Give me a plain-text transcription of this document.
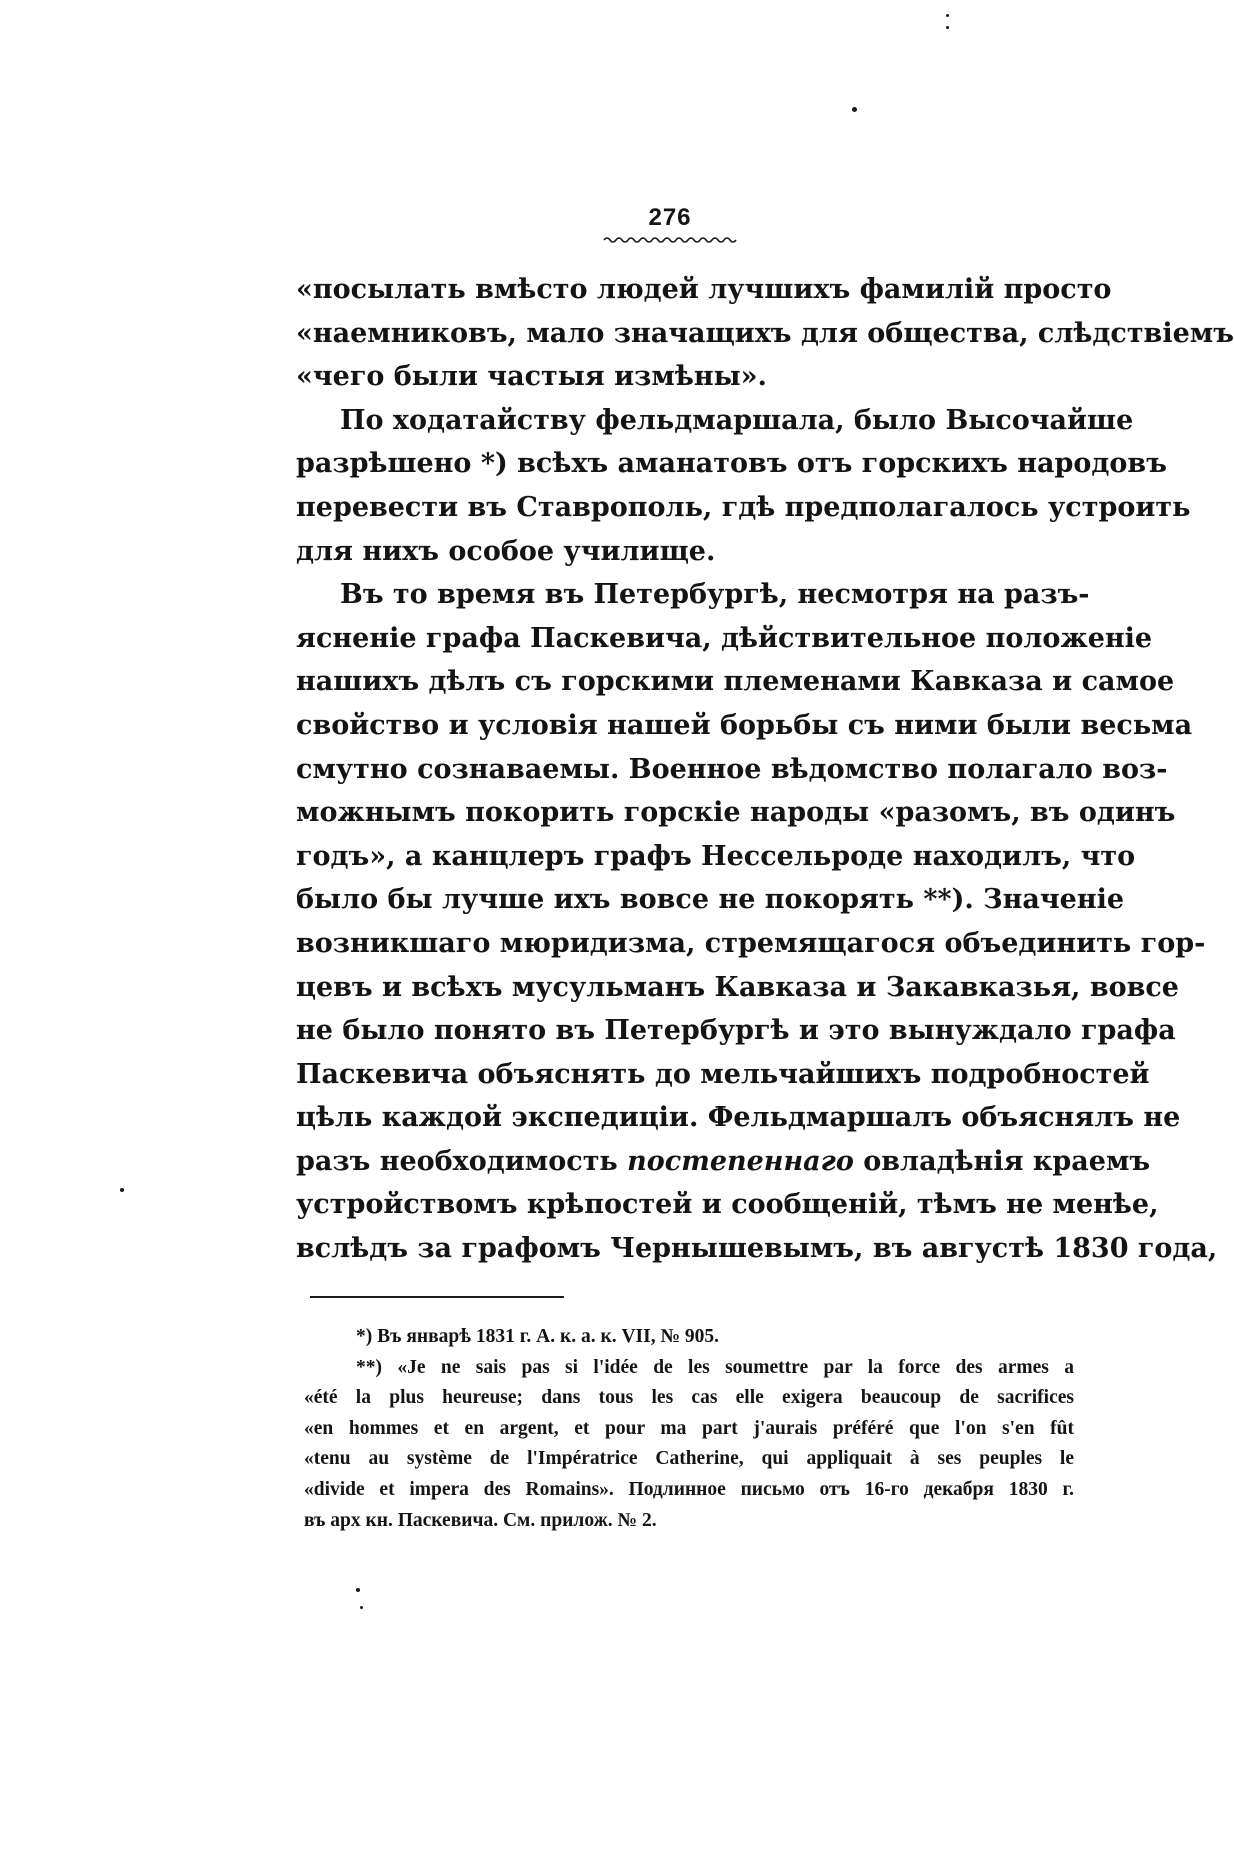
276
«посылать вмѣсто людей лучшихъ фамилій просто
«наемниковъ, мало значащихъ для общества, слѣдствіемъ
«чего были частыя измѣны».
По ходатайству фельдмаршала, было Высочайше
разрѣшено *) всѣхъ аманатовъ отъ горскихъ народовъ
перевести въ Ставрополь, гдѣ предполагалось устроить
для нихъ особое училище.
Въ то время въ Петербургѣ, несмотря на разъ-
ясненіе графа Паскевича, дѣйствительное положеніе
нашихъ дѣлъ съ горскими племенами Кавказа и самое
свойство и условія нашей борьбы съ ними были весьма
смутно сознаваемы. Военное вѣдомство полагало воз-
можнымъ покорить горскіе народы «разомъ, въ одинъ
годъ», а канцлеръ графъ Нессельроде находилъ, что
было бы лучше ихъ вовсе не покорять **). Значеніе
возникшаго мюридизма, стремящагося объединить гор-
цевъ и всѣхъ мусульманъ Кавказа и Закавказья, вовсе
не было понято въ Петербургѣ и это вынуждало графа
Паскевича объяснять до мельчайшихъ подробностей
цѣль каждой экспедиціи. Фельдмаршалъ объяснялъ не
разъ необходимость постепеннаго овладѣнія краемъ
устройствомъ крѣпостей и сообщеній, тѣмъ не менѣе,
вслѣдъ за графомъ Чернышевымъ, въ августѣ 1830 года,
*) Въ январѣ 1831 г. А. к. а. к. VII, № 905.
**) «Je ne sais pas si l'idée de les soumettre par la force des armes a
«été la plus heureuse; dans tous les cas elle exigera beaucoup de sacrifices
«en hommes et en argent, et pour ma part j'aurais préféré que l'on s'en fût
«tenu au système de l'Impératrice Catherine, qui appliquait à ses peuples le
«divide et impera des Romains». Подлинное письмо отъ 16-го декабря 1830 г.
въ арх кн. Паскевича. См. прилож. № 2.
